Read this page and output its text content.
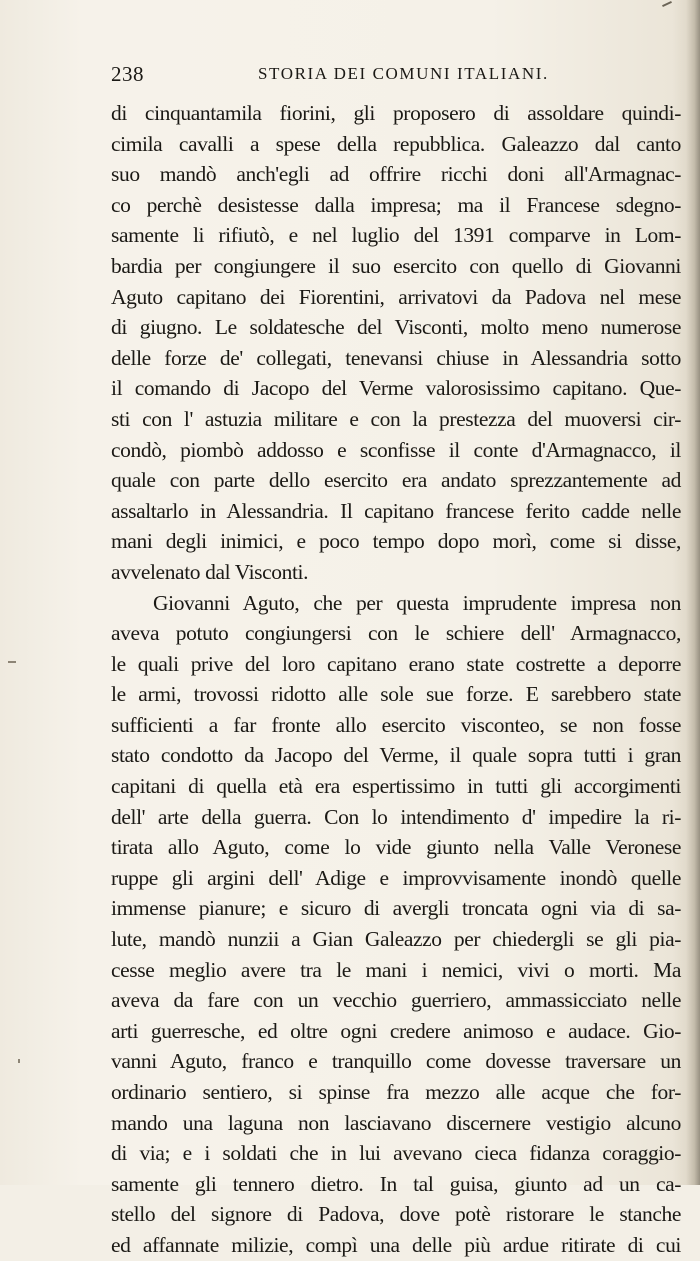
238	STORIA DEI COMUNI ITALIANI.
di cinquantamila fiorini, gli proposero di assoldare quindi-
cimila cavalli a spese della repubblica. Galeazzo dal canto
suo mandò anch'egli ad offrire ricchi doni all'Armagnac-
co perchè desistesse dalla impresa; ma il Francese sdegno-
samente li rifiutò, e nel luglio del 1391 comparve in Lom-
bardia per congiungere il suo esercito con quello di Giovanni
Aguto capitano dei Fiorentini, arrivatovi da Padova nel mese
di giugno. Le soldatesche del Visconti, molto meno numerose
delle forze de' collegati, tenevansi chiuse in Alessandria sotto
il comando di Jacopo del Verme valorosissimo capitano. Que-
sti con l' astuzia militare e con la prestezza del muoversi cir-
condò, piombò addosso e sconfisse il conte d'Armagnacco, il
quale con parte dello esercito era andato sprezzantemente ad
assaltarlo in Alessandria. Il capitano francese ferito cadde nelle
mani degli inimici, e poco tempo dopo morì, come si disse,
avvelenato dal Visconti.
Giovanni Aguto, che per questa imprudente impresa non
aveva potuto congiungersi con le schiere dell' Armagnacco,
le quali prive del loro capitano erano state costrette a deporre
le armi, trovossi ridotto alle sole sue forze. E sarebbero state
sufficienti a far fronte allo esercito visconteo, se non fosse
stato condotto da Jacopo del Verme, il quale sopra tutti i gran
capitani di quella età era espertissimo in tutti gli accorgimenti
dell' arte della guerra. Con lo intendimento d' impedire la ri-
tirata allo Aguto, come lo vide giunto nella Valle Veronese
ruppe gli argini dell' Adige e improvvisamente inondò quelle
immense pianure; e sicuro di avergli troncata ogni via di sa-
lute, mandò nunzii a Gian Galeazzo per chiedergli se gli pia-
cesse meglio avere tra le mani i nemici, vivi o morti. Ma
aveva da fare con un vecchio guerriero, ammassicciato nelle
arti guerresche, ed oltre ogni credere animoso e audace. Gio-
vanni Aguto, franco e tranquillo come dovesse traversare un
ordinario sentiero, si spinse fra mezzo alle acque che for-
mando una laguna non lasciavano discernere vestigio alcuno
di via; e i soldati che in lui avevano cieca fidanza coraggio-
samente gli tennero dietro. In tal guisa, giunto ad un ca-
stello del signore di Padova, dove potè ristorare le stanche
ed affannate milizie, compì una delle più ardue ritirate di cui
